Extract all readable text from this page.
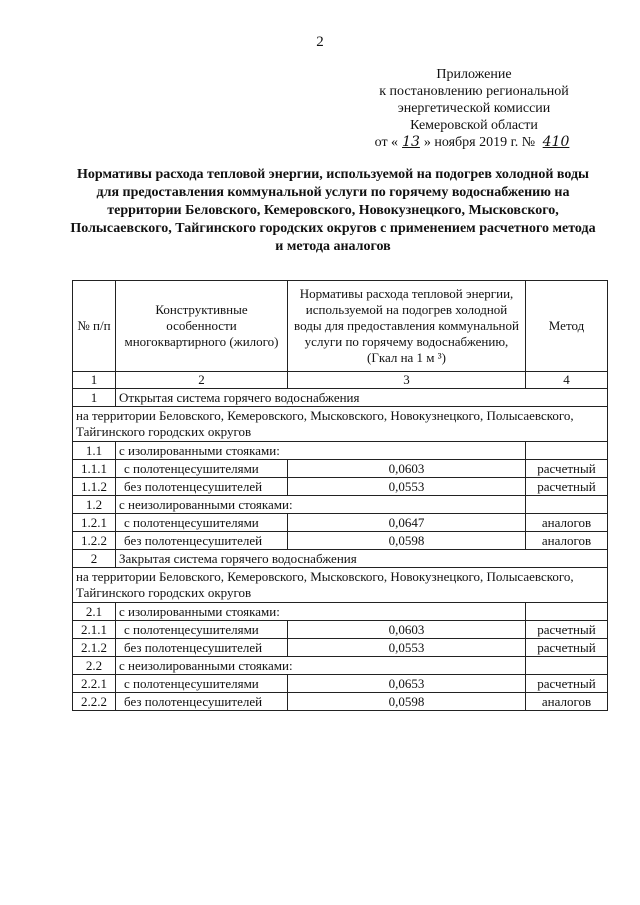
2
Приложение
к постановлению региональной
энергетической комиссии
Кемеровской области
от « 13 » ноября 2019 г. № 410
Нормативы расхода тепловой энергии, используемой на подогрев холодной воды для предоставления коммунальной услуги по горячему водоснабжению на территории Беловского, Кемеровского, Новокузнецкого, Мысковского, Полысаевского, Тайгинского городских округов с применением расчетного метода и метода аналогов
№ п/п	Конструктивные особенности многоквартирного (жилого)	Нормативы расхода тепловой энергии, используемой на подогрев холодной воды для предоставления коммунальной услуги по горячему водоснабжению, (Гкал на 1 м ³)	Метод
1	2	3	4
1	Открытая система горячего водоснабжения		
на территории Беловского, Кемеровского, Мысковского, Новокузнецкого, Полысаевского, Тайгинского городских округов			
1.1	с изолированными стояками:		
1.1.1	с полотенцесушителями	0,0603	расчетный
1.1.2	без полотенцесушителей	0,0553	расчетный
1.2	с неизолированными стояками:		
1.2.1	с полотенцесушителями	0,0647	аналогов
1.2.2	без полотенцесушителей	0,0598	аналогов
2	Закрытая система горячего водоснабжения		
на территории Беловского, Кемеровского, Мысковского, Новокузнецкого, Полысаевского, Тайгинского городских округов			
2.1	с изолированными стояками:		
2.1.1	с полотенцесушителями	0,0603	расчетный
2.1.2	без полотенцесушителей	0,0553	расчетный
2.2	с неизолированными стояками:		
2.2.1	с полотенцесушителями	0,0653	расчетный
2.2.2	без полотенцесушителей	0,0598	аналогов
